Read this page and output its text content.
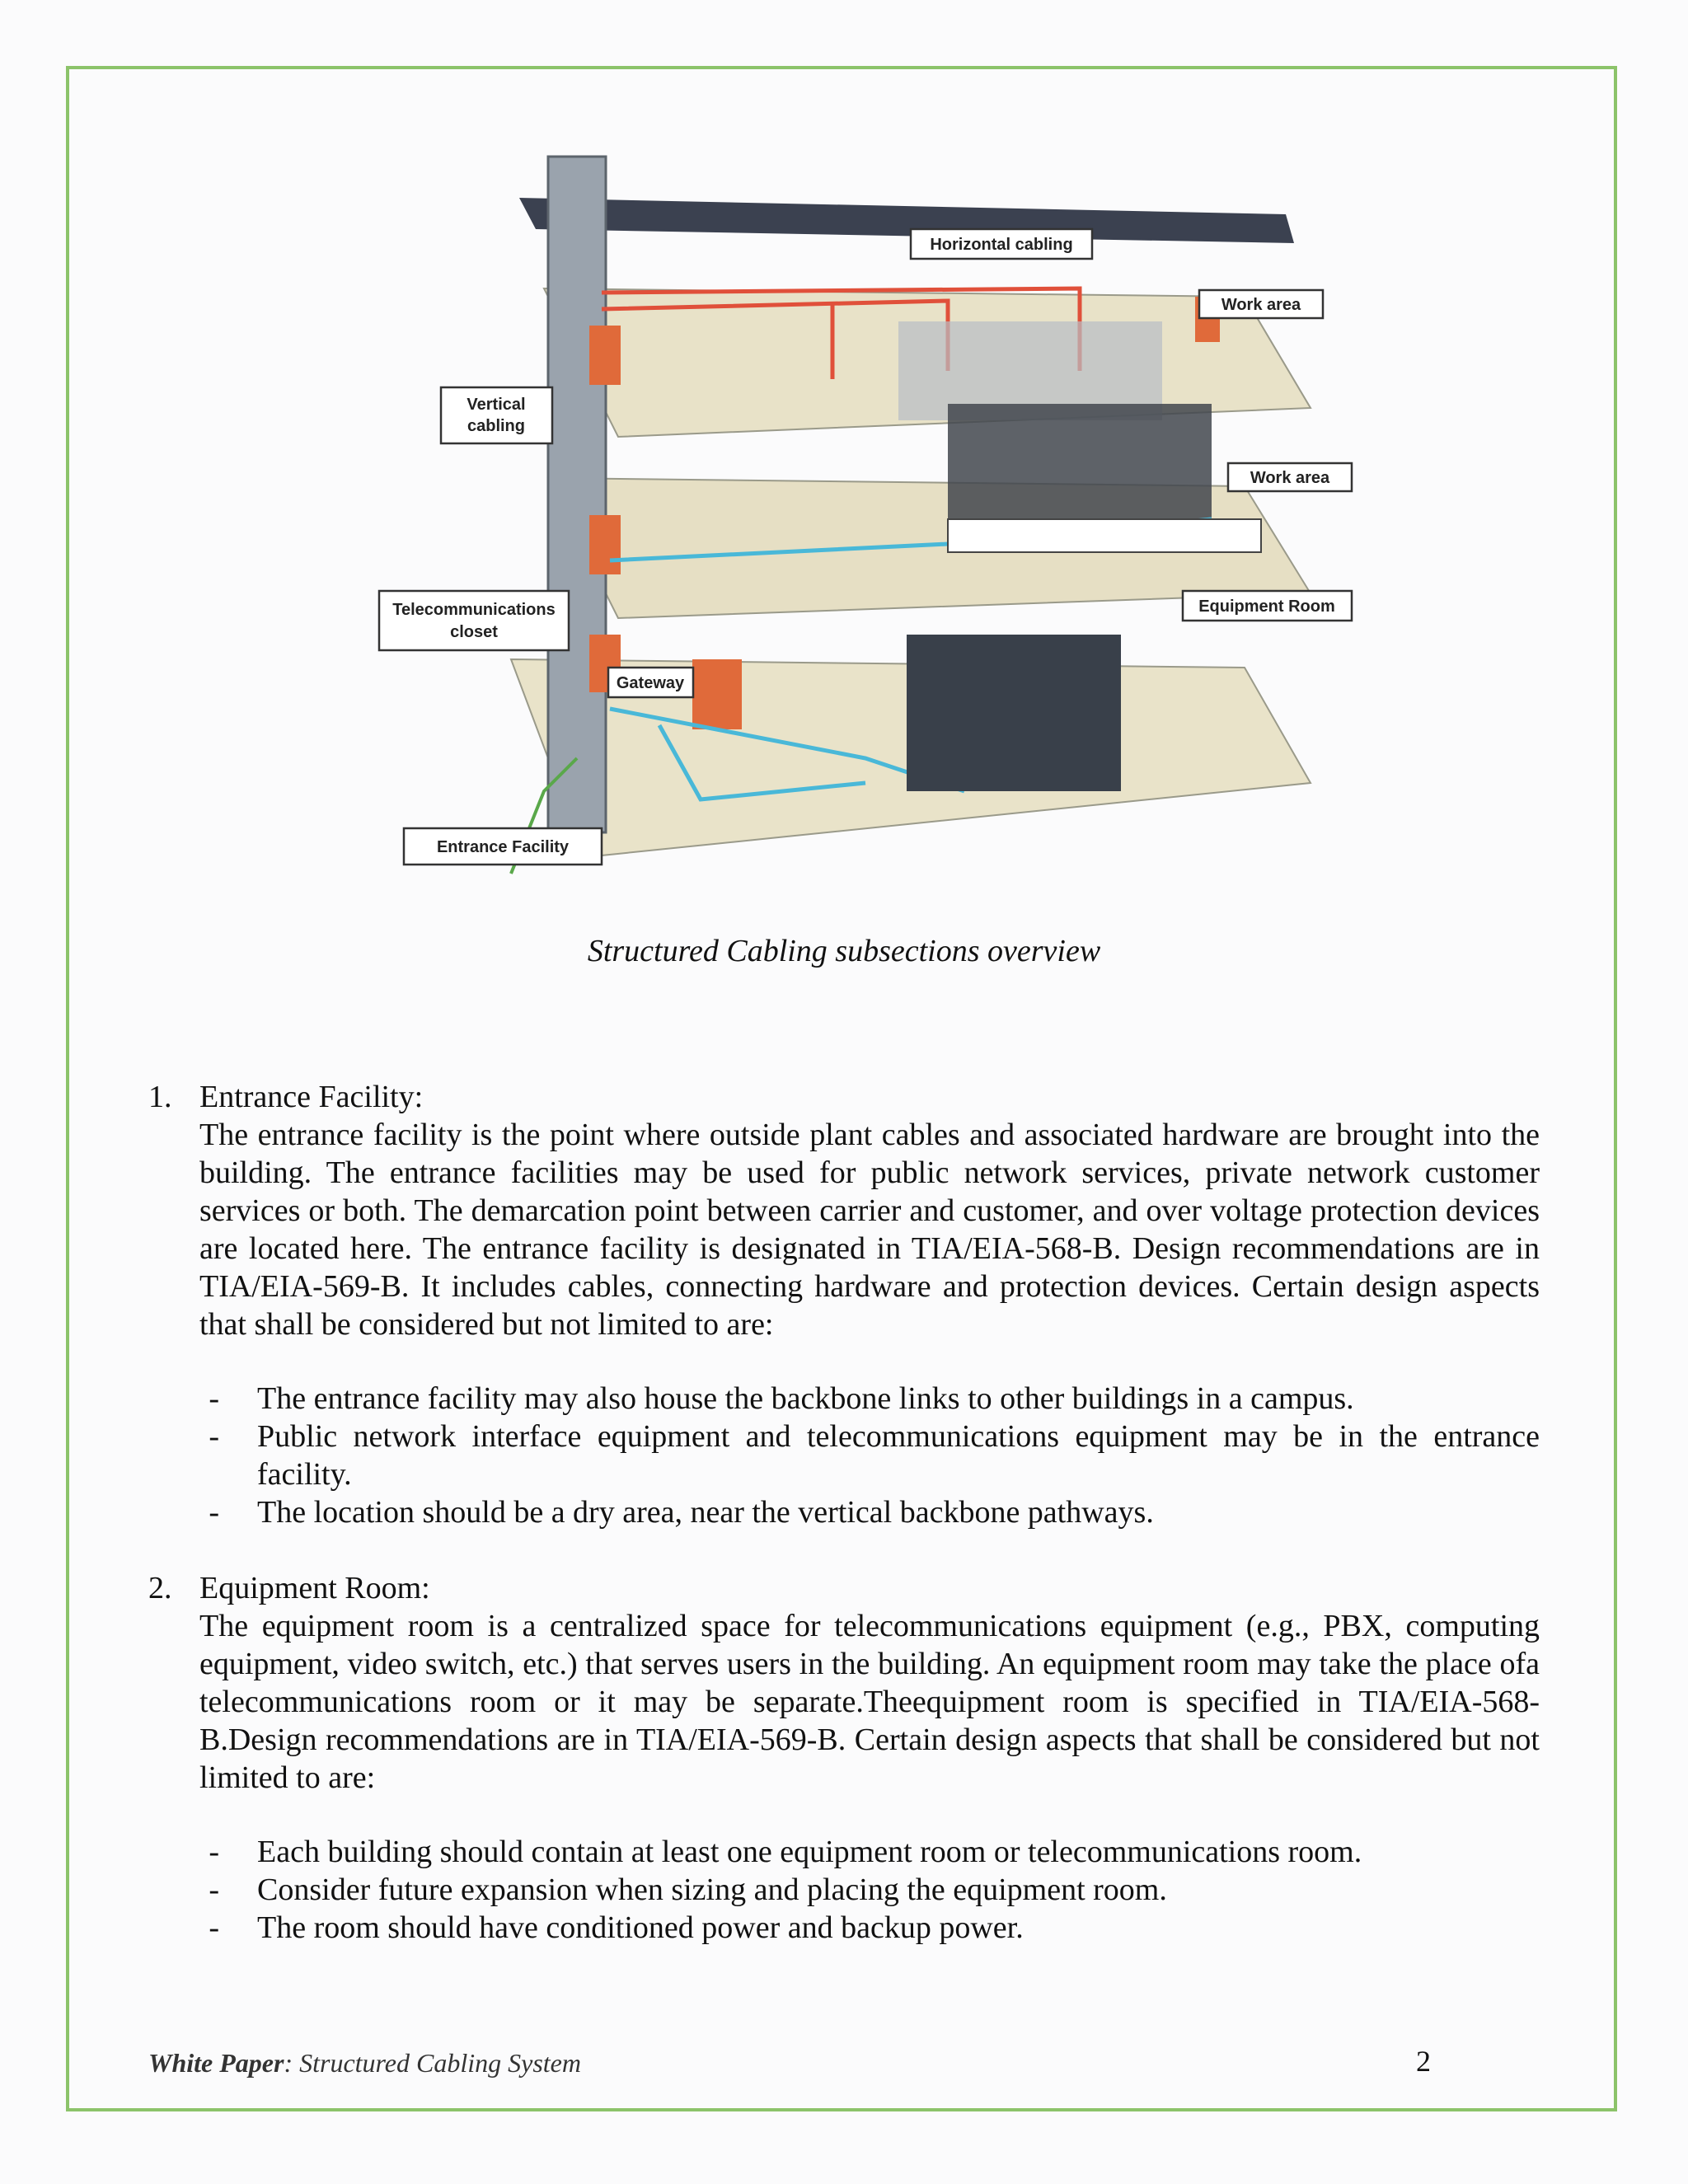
Horizontal cabling
Work area
Work area
Vertical
cabling
Telecommunications
closet
Gateway
Equipment Room
Entrance Facility
Structured Cabling subsections overview
1. Entrance Facility:
The entrance facility is the point where outside plant cables and associated hardware are brought into the building. The entrance facilities may be used for public network services, private network customer services or both. The demarcation point between carrier and customer, and over voltage protection devices are located here. The entrance facility is designated in TIA/EIA-568-B. Design recommendations are in TIA/EIA-569-B. It includes cables, connecting hardware and protection devices. Certain design aspects that shall be considered but not limited to are:
-	The entrance facility may also house the backbone links to other buildings in a campus.
-	Public network interface equipment and telecommunications equipment may be in the entrance facility.
-	The location should be a dry area, near the vertical backbone pathways.
2. Equipment Room:
The equipment room is a centralized space for telecommunications equipment (e.g., PBX, computing equipment, video switch, etc.) that serves users in the building. An equipment room may take the place ofa telecommunications room or it may be separate.Theequipment room is specified in TIA/EIA-568-B.Design recommendations are in TIA/EIA-569-B. Certain design aspects that shall be considered but not limited to are:
-	Each building should contain at least one equipment room or telecommunications room.
-	Consider future expansion when sizing and placing the equipment room.
-	The room should have conditioned power and backup power.
White Paper: Structured Cabling System	2
